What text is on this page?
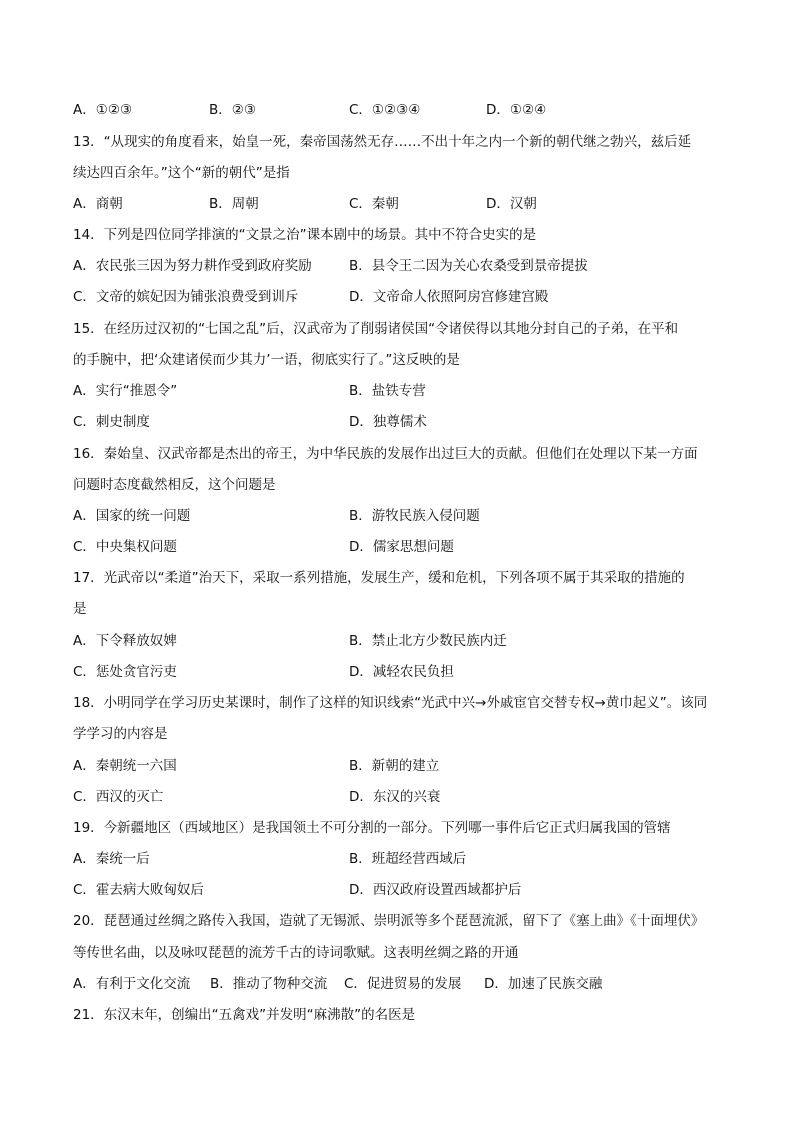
A．①②③	B．②③	C．①②③④	D．①②④
13．“从现实的角度看来，始皇一死，秦帝国荡然无存……不出十年之内一个新的朝代继之勃兴，兹后延
续达四百余年。”这个“新的朝代”是指
A．商朝	B．周朝	C．秦朝	D．汉朝
14．下列是四位同学排演的“文景之治”课本剧中的场景。其中不符合史实的是
A．农民张三因为努力耕作受到政府奖励	B．县令王二因为关心农桑受到景帝提拔
C．文帝的嫔妃因为铺张浪费受到训斥	D．文帝命人依照阿房宫修建宫殿
15．在经历过汉初的“七国之乱”后，汉武帝为了削弱诸侯国“令诸侯得以其地分封自己的子弟，在平和
的手腕中，把‘众建诸侯而少其力’一语，彻底实行了。”这反映的是
A．实行“推恩令”	B．盐铁专营
C．刺史制度	D．独尊儒术
16．秦始皇、汉武帝都是杰出的帝王，为中华民族的发展作出过巨大的贡献。但他们在处理以下某一方面
问题时态度截然相反，这个问题是
A．国家的统一问题	B．游牧民族入侵问题
C．中央集权问题	D．儒家思想问题
17．光武帝以“柔道”治天下，采取一系列措施，发展生产，缓和危机，下列各项不属于其采取的措施的
是
A．下令释放奴婢	B．禁止北方少数民族内迁
C．惩处贪官污吏	D．减轻农民负担
18．小明同学在学习历史某课时，制作了这样的知识线索“光武中兴→外戚宦官交替专权→黄巾起义”。该同
学学习的内容是
A．秦朝统一六国	B．新朝的建立
C．西汉的灭亡	D．东汉的兴衰
19．今新疆地区（西域地区）是我国领土不可分割的一部分。下列哪一事件后它正式归属我国的管辖
A．秦统一后	B．班超经营西域后
C．霍去病大败匈奴后	D．西汉政府设置西域都护后
20．琵琶通过丝绸之路传入我国，造就了无锡派、崇明派等多个琵琶流派，留下了《塞上曲》《十面埋伏》
等传世名曲，以及咏叹琵琶的流芳千古的诗词歌赋。这表明丝绸之路的开通
A．有利于文化交流 B．推动了物种交流 C．促进贸易的发展 D．加速了民族交融
21．东汉末年，创编出“五禽戏”并发明“麻沸散”的名医是
